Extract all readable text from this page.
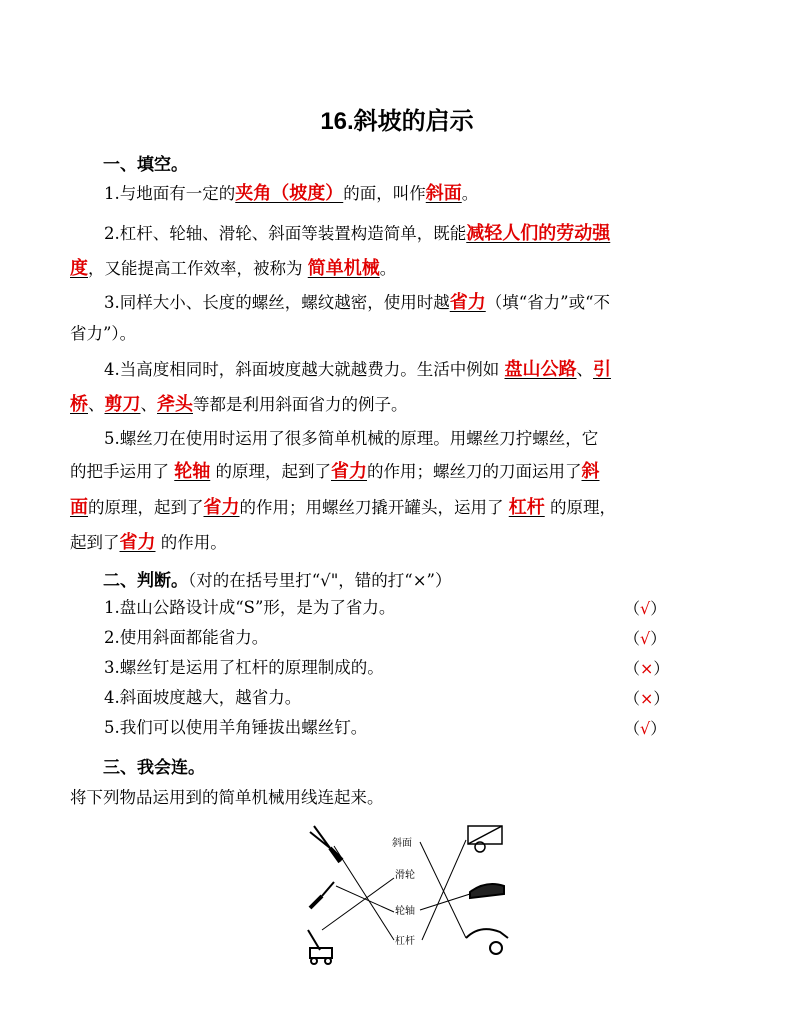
16.斜坡的启示
一、填空。
1.与地面有一定的夹角（坡度）的面，叫作斜面。
2.杠杆、轮轴、滑轮、斜面等装置构造简单，既能减轻人们的劳动强
度，又能提高工作效率，被称为 简单机械。
3.同样大小、长度的螺丝，螺纹越密，使用时越省力（填“省力”或“不
省力”）。
4.当高度相同时，斜面坡度越大就越费力。生活中例如 盘山公路、引
桥、剪刀、斧头等都是利用斜面省力的例子。
5.螺丝刀在使用时运用了很多简单机械的原理。用螺丝刀拧螺丝，它
的把手运用了 轮轴 的原理，起到了省力的作用；螺丝刀的刀面运用了斜
面的原理，起到了省力的作用；用螺丝刀撬开罐头，运用了 杠杆 的原理，
起到了省力 的作用。
二、判断。（对的在括号里打“√"，错的打“×”）
1.盘山公路设计成“S”形，是为了省力。	（√）
2.使用斜面都能省力。	（√）
3.螺丝钉是运用了杠杆的原理制成的。	（×）
4.斜面坡度越大，越省力。	（×）
5.我们可以使用羊角锤拔出螺丝钉。	（√）
三、我会连。
将下列物品运用到的简单机械用线连起来。
斜面
滑轮
轮轴
杠杆
